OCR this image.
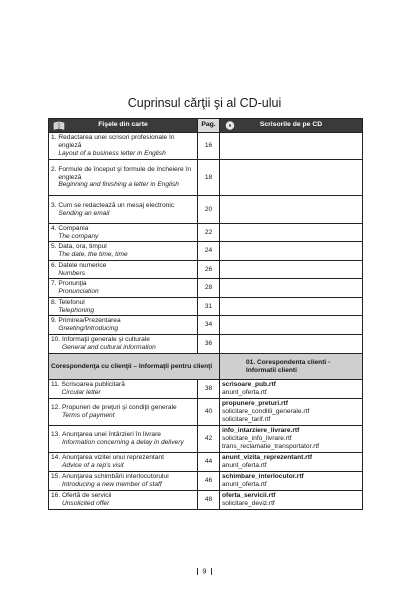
Cuprinsul cărţii şi al CD-ului
Fişele din carte	Pag.	Scrisorile de pe CD

1. Redactarea unei scrisori profesionale în engleză
Layout of a business letter in English	16	

2. Formule de început şi formule de încheiere în engleză
Beginning and finishing a letter in English	18	

3. Cum se redactează un mesaj electronic
Sending an email	20	

4. Compania
The company	22	

5. Data, ora, timpul
The date, the time, time	24	

6. Datele numerice
Numbers	26	

7. Pronunţia
Pronunciation	28	

8. Telefonul
Telephoning	31	

9. Primirea/Prezentarea
Greeting/Introducing	34	

10. Informaţii generale şi culturale
General and cultural information	36	
Corespondenţa cu clienţii – Informaţii pentru clienţi		01. Corespondenta clienti - Informatii clienti

11. Scrisoarea publicitară
Circular letter	38	scrisoare_pub.rtf
anunt_oferta.rtf

12. Propuneri de preţuri şi condiţii generale
Terms of payment	40	propunere_preturi.rtf
solicitare_conditii_generale.rtf
solicitare_tarif.rtf

13. Anunţarea unei întârzieri în livrare
Information concerning a delay in delivery	42	info_intarziere_livrare.rtf
solicitare_info_livrare.rtf
trans_reclamatie_transportator.rtf

14. Anunţarea vizitei unui reprezentant
Advice of a rep's visit	44	anunt_vizita_reprezentant.rtf
anunt_oferta.rtf

15. Anunţarea schimbării interlocutorului
Introducing a new member of staff	46	schimbare_interlocutor.rtf
anunt_oferta.rtf

16. Ofertă de servicii
Unsolicited offer	48	oferta_servicii.rtf
solicitare_deviz.rtf
9
